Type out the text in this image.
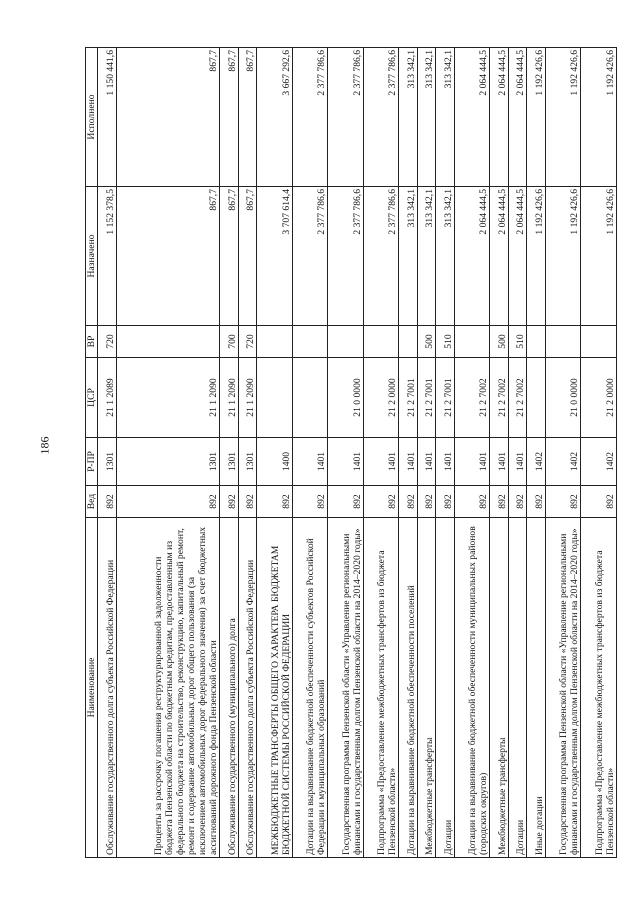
186
Наименование	Вед	Р-ПР	ЦСР	ВР	Назначено	Исполнено
Обслуживание государственного долга субъекта Российской Федерации	892	1301	21 1 2089	720	1 152 378,5	1 150 441,6
Проценты за рассрочку погашения реструктурированной задолженности бюджета Пензенской области по бюджетным кредитам, предоставленным из федерального бюджета на строительство, реконструкцию, капитальный ремонт, ремонт и содержание автомобильных дорог общего пользования (за исключением автомобильных дорог федерального значения) за счет бюджетных ассигнований дорожного фонда Пензенской области	892	1301	21 1 2090		867,7	867,7
Обслуживание государственного (муниципального) долга	892	1301	21 1 2090	700	867,7	867,7
Обслуживание государственного долга субъекта Российской Федерации	892	1301	21 1 2090	720	867,7	867,7
МЕЖБЮДЖЕТНЫЕ ТРАНСФЕРТЫ ОБЩЕГО ХАРАКТЕРА БЮДЖЕТАМ БЮДЖЕТНОЙ СИСТЕМЫ РОССИЙСКОЙ ФЕДЕРАЦИИ	892	1400			3 707 614,4	3 667 292,6
Дотации на выравнивание бюджетной обеспеченности субъектов Российской Федерации и муниципальных образований	892	1401			2 377 786,6	2 377 786,6
Государственная программа Пензенской области «Управление региональными финансами и государственным долгом Пензенской области на 2014–2020 годы»	892	1401	21 0 0000		2 377 786,6	2 377 786,6
Подпрограмма «Предоставление межбюджетных трансфертов из бюджета Пензенской области»	892	1401	21 2 0000		2 377 786,6	2 377 786,6
Дотации на выравнивание бюджетной обеспеченности поселений	892	1401	21 2 7001		313 342,1	313 342,1
Межбюджетные трансферты	892	1401	21 2 7001	500	313 342,1	313 342,1
Дотации	892	1401	21 2 7001	510	313 342,1	313 342,1
Дотации на выравнивание бюджетной обеспеченности муниципальных районов (городских округов)	892	1401	21 2 7002		2 064 444,5	2 064 444,5
Межбюджетные трансферты	892	1401	21 2 7002	500	2 064 444,5	2 064 444,5
Дотации	892	1401	21 2 7002	510	2 064 444,5	2 064 444,5
Иные дотации	892	1402			1 192 426,6	1 192 426,6
Государственная программа Пензенской области «Управление региональными финансами и государственным долгом Пензенской области на 2014–2020 годы»	892	1402	21 0 0000		1 192 426,6	1 192 426,6
Подпрограмма «Предоставление межбюджетных трансфертов из бюджета Пензенской области»	892	1402	21 2 0000		1 192 426,6	1 192 426,6
